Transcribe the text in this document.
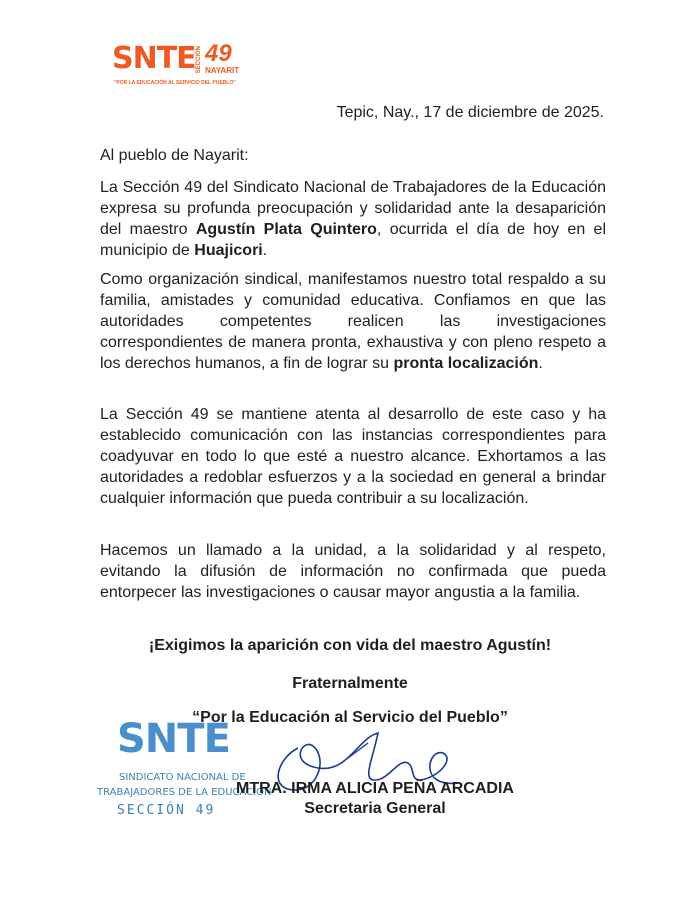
SNTE SECCIÓN 49
NAYARIT
"POR LA EDUCACIÓN AL SERVICIO DEL PUEBLO"
Tepic, Nay., 17 de diciembre de 2025.
Al pueblo de Nayarit:

La Sección 49 del Sindicato Nacional de Trabajadores de la Educación expresa su profunda preocupación y solidaridad ante la desaparición del maestro Agustín Plata Quintero, ocurrida el día de hoy en el municipio de Huajicori.

Como organización sindical, manifestamos nuestro total respaldo a su familia, amistades y comunidad educativa. Confiamos en que las autoridades competentes realicen las investigaciones correspondientes de manera pronta, exhaustiva y con pleno respeto a los derechos humanos, a fin de lograr su pronta localización.

La Sección 49 se mantiene atenta al desarrollo de este caso y ha establecido comunicación con las instancias correspondientes para coadyuvar en todo lo que esté a nuestro alcance. Exhortamos a las autoridades a redoblar esfuerzos y a la sociedad en general a brindar cualquier información que pueda contribuir a su localización.

Hacemos un llamado a la unidad, a la solidaridad y al respeto, evitando la difusión de información no confirmada que pueda entorpecer las investigaciones o causar mayor angustia a la familia.

¡Exigimos la aparición con vida del maestro Agustín!
Fraternalmente
“Por la Educación al Servicio del Pueblo”
SNTE
SINDICATO NACIONAL DE
TRABAJADORES DE LA EDUCACIÓN
SECCIÓN 49
MTRA. IRMA ALICIA PEÑA ARCADIA
Secretaria General
